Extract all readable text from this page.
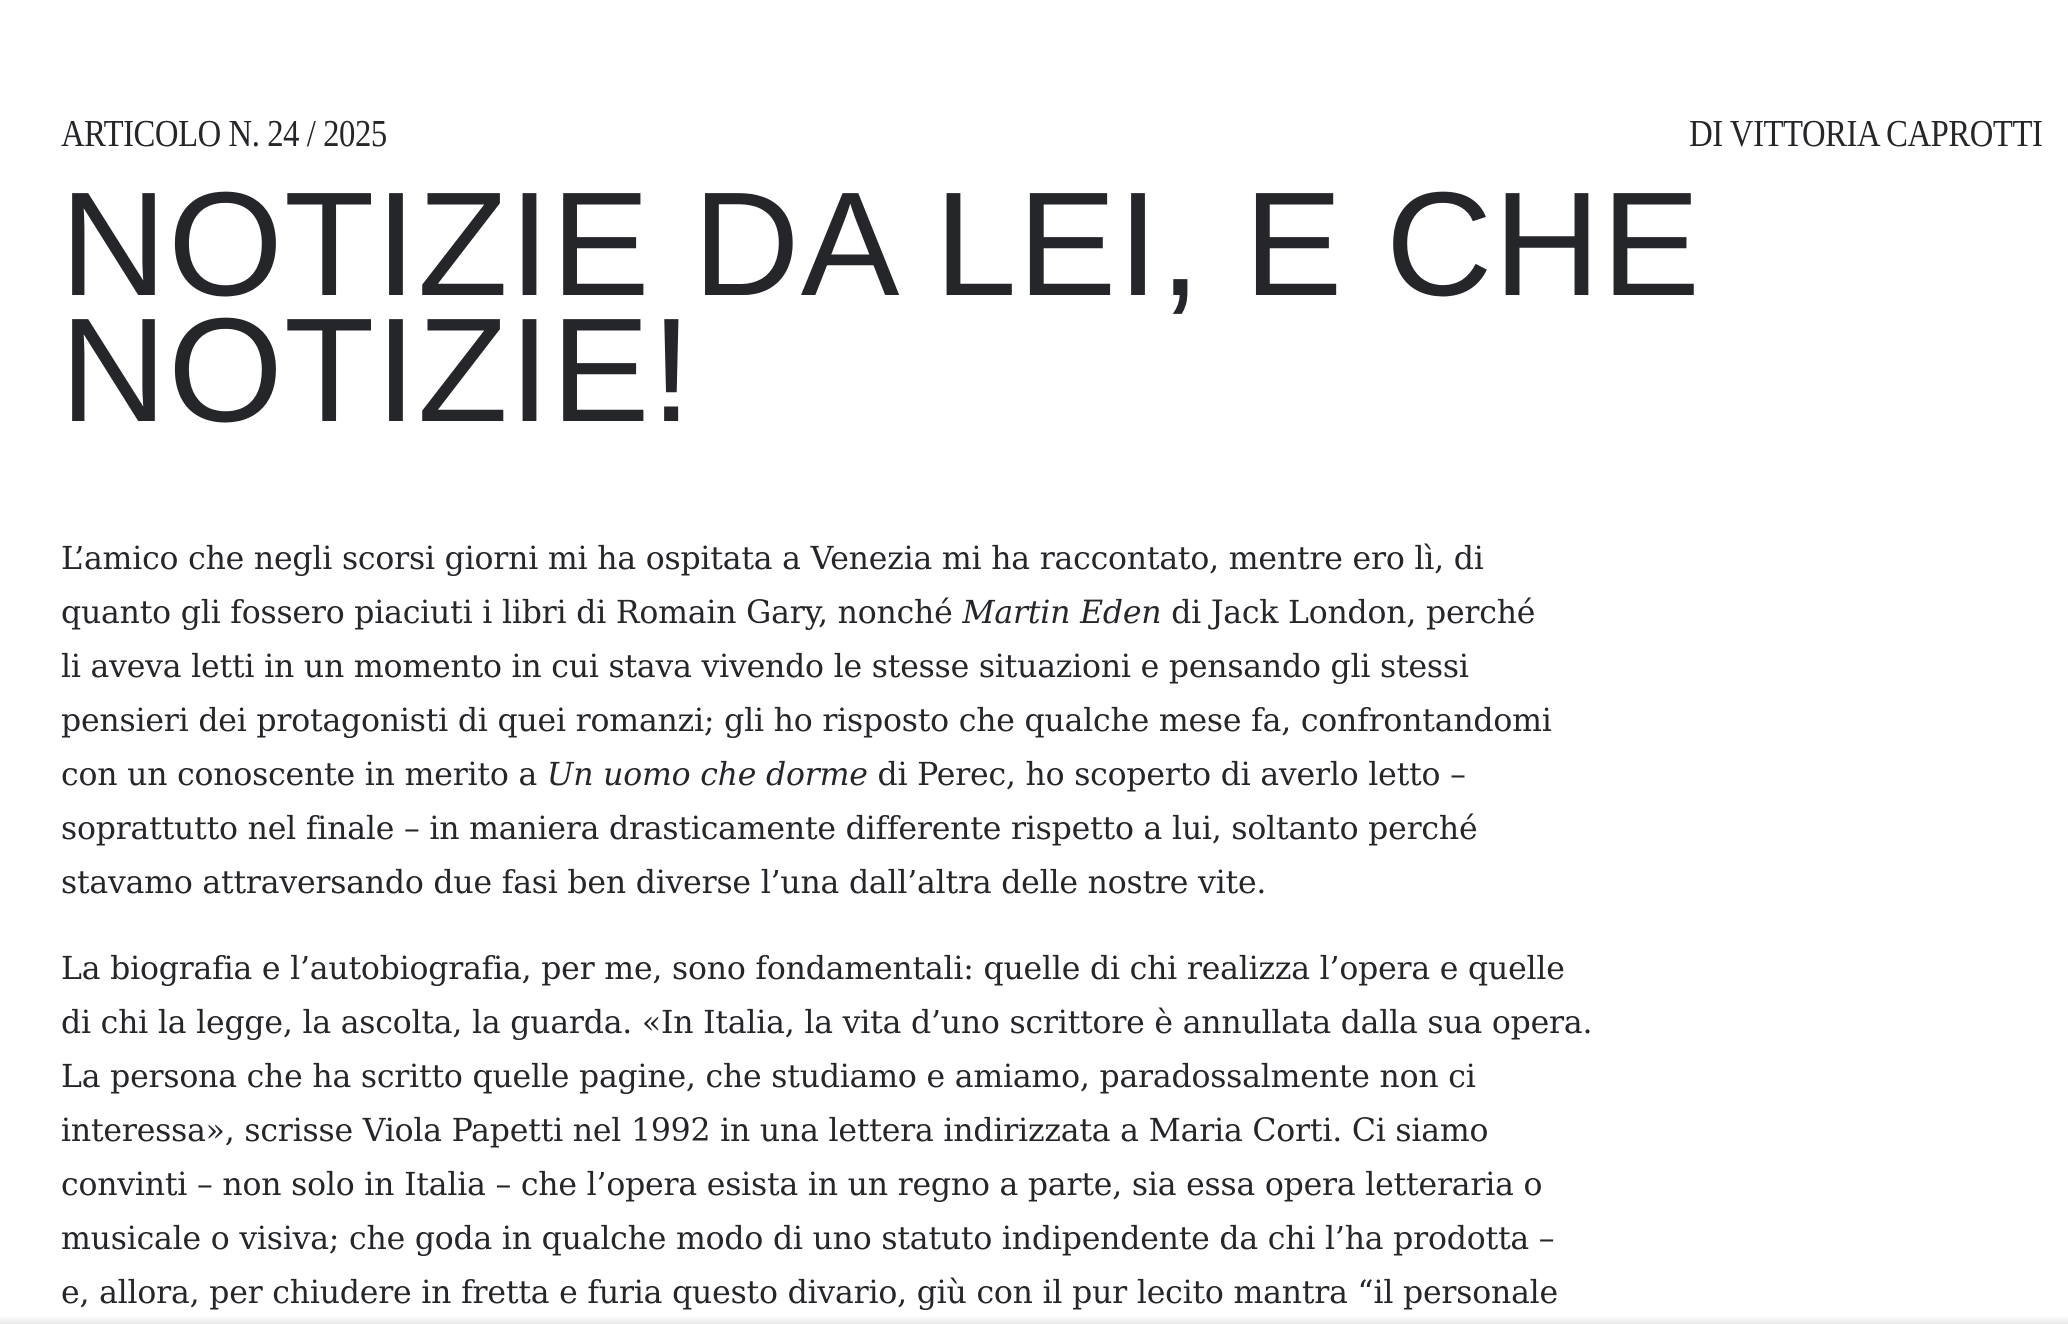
ARTICOLO N. 24 / 2025	DI VITTORIA CAPROTTI
NOTIZIE DA LEI, E CHE
NOTIZIE!

L’amico che negli scorsi giorni mi ha ospitata a Venezia mi ha raccontato, mentre ero lì, di
quanto gli fossero piaciuti i libri di Romain Gary, nonché Martin Eden di Jack London, perché
li aveva letti in un momento in cui stava vivendo le stesse situazioni e pensando gli stessi
pensieri dei protagonisti di quei romanzi; gli ho risposto che qualche mese fa, confrontandomi
con un conoscente in merito a Un uomo che dorme di Perec, ho scoperto di averlo letto –
soprattutto nel finale – in maniera drasticamente differente rispetto a lui, soltanto perché
stavamo attraversando due fasi ben diverse l’una dall’altra delle nostre vite.

La biografia e l’autobiografia, per me, sono fondamentali: quelle di chi realizza l’opera e quelle
di chi la legge, la ascolta, la guarda. «In Italia, la vita d’uno scrittore è annullata dalla sua opera.
La persona che ha scritto quelle pagine, che studiamo e amiamo, paradossalmente non ci
interessa», scrisse Viola Papetti nel 1992 in una lettera indirizzata a Maria Corti. Ci siamo
convinti – non solo in Italia – che l’opera esista in un regno a parte, sia essa opera letteraria o
musicale o visiva; che goda in qualche modo di uno statuto indipendente da chi l’ha prodotta –
e, allora, per chiudere in fretta e furia questo divario, giù con il pur lecito mantra “il personale
